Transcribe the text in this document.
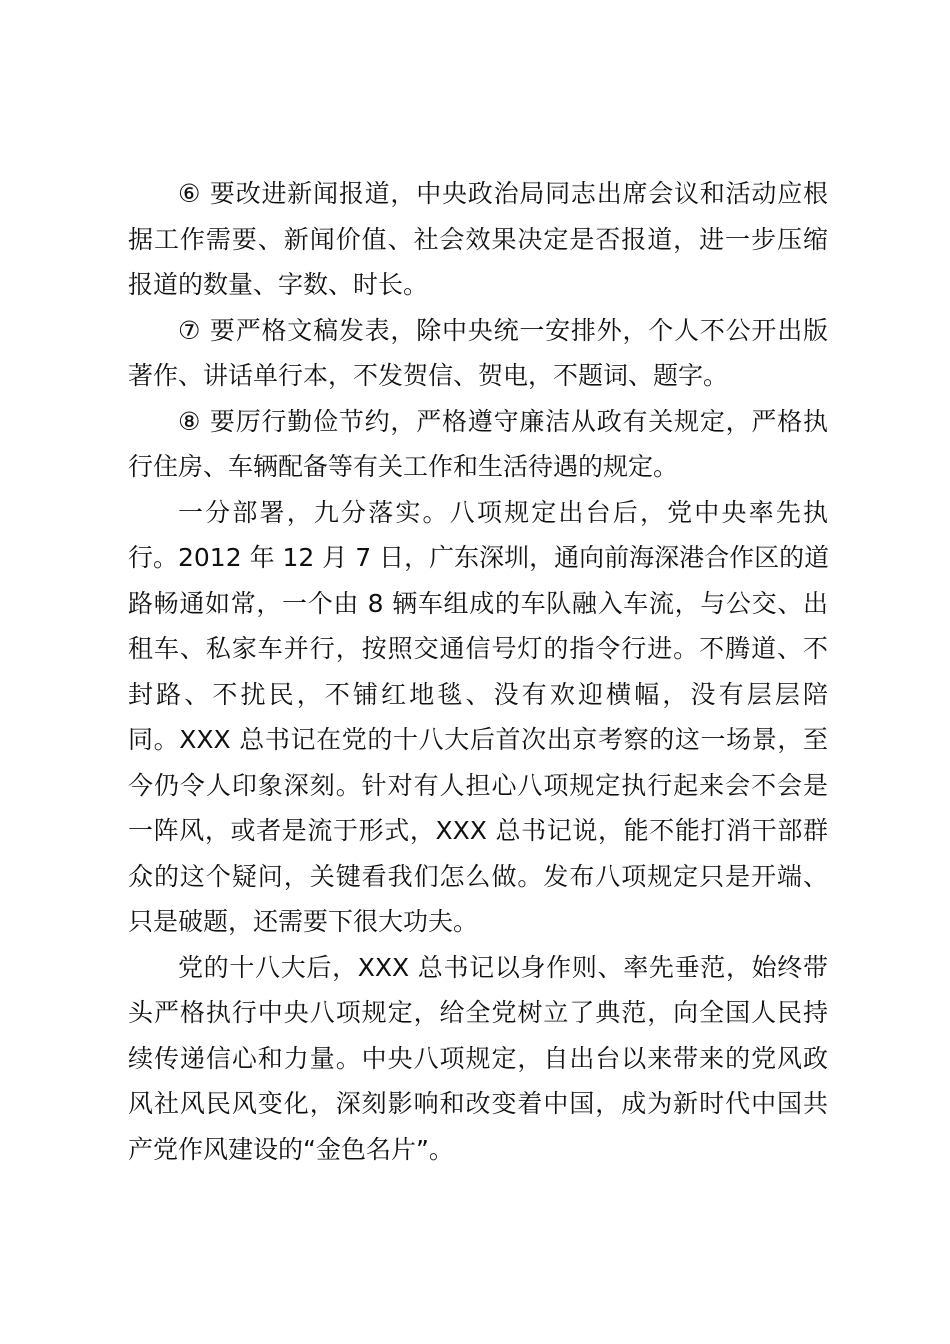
⑥ 要改进新闻报道，中央政治局同志出席会议和活动应根
据工作需要、新闻价值、社会效果决定是否报道，进一步压缩
报道的数量、字数、时长。
⑦ 要严格文稿发表，除中央统一安排外，个人不公开出版
著作、讲话单行本，不发贺信、贺电，不题词、题字。
⑧ 要厉行勤俭节约，严格遵守廉洁从政有关规定，严格执
行住房、车辆配备等有关工作和生活待遇的规定。
一分部署，九分落实。八项规定出台后，党中央率先执
行。2012 年 12 月 7 日，广东深圳，通向前海深港合作区的道
路畅通如常，一个由 8 辆车组成的车队融入车流，与公交、出
租车、私家车并行，按照交通信号灯的指令行进。不腾道、不
封路、不扰民，不铺红地毯、没有欢迎横幅，没有层层陪
同。XXX 总书记在党的十八大后首次出京考察的这一场景，至
今仍令人印象深刻。针对有人担心八项规定执行起来会不会是
一阵风，或者是流于形式，XXX 总书记说，能不能打消干部群
众的这个疑问，关键看我们怎么做。发布八项规定只是开端、
只是破题，还需要下很大功夫。
党的十八大后，XXX 总书记以身作则、率先垂范，始终带
头严格执行中央八项规定，给全党树立了典范，向全国人民持
续传递信心和力量。中央八项规定，自出台以来带来的党风政
风社风民风变化，深刻影响和改变着中国，成为新时代中国共
产党作风建设的“金色名片”。
